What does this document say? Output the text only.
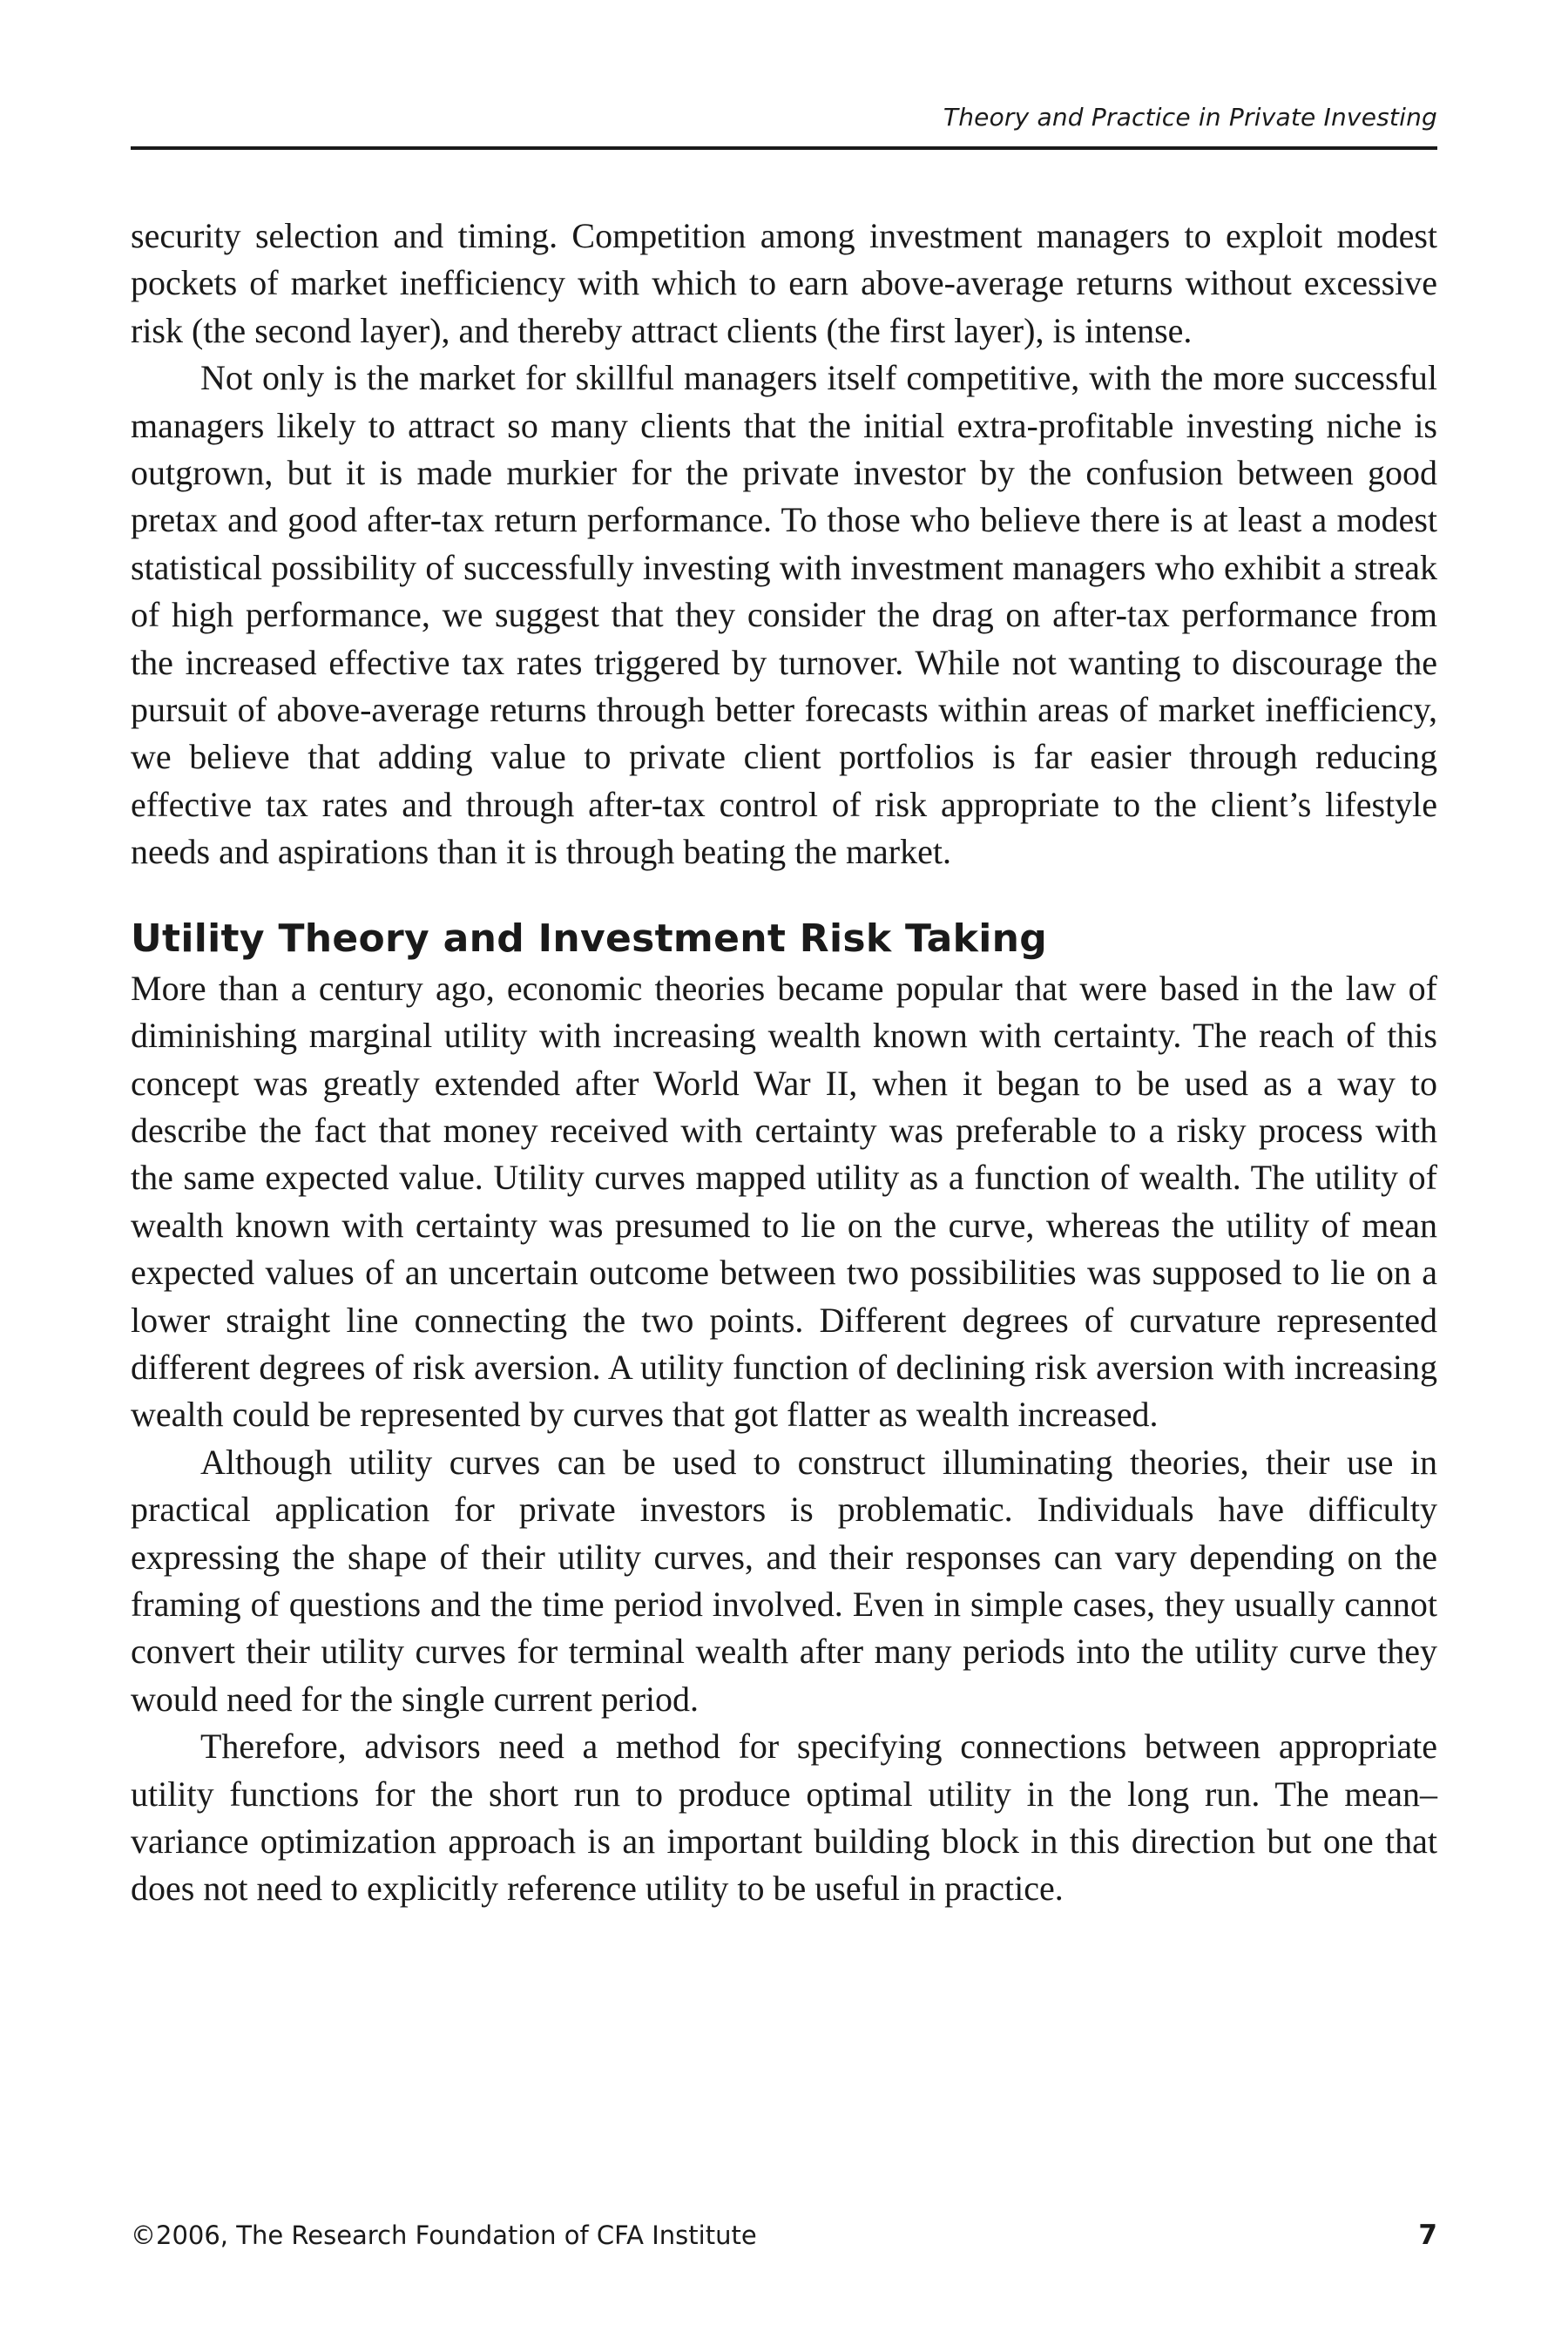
Theory and Practice in Private Investing

security selection and timing. Competition among investment managers to exploit modest pockets of market inefficiency with which to earn above-average returns without excessive risk (the second layer), and thereby attract clients (the first layer), is intense.

Not only is the market for skillful managers itself competitive, with the more successful managers likely to attract so many clients that the initial extra-profitable investing niche is outgrown, but it is made murkier for the private investor by the confusion between good pretax and good after-tax return performance. To those who believe there is at least a modest statistical possibility of successfully investing with investment managers who exhibit a streak of high performance, we suggest that they consider the drag on after-tax performance from the increased effective tax rates triggered by turnover. While not wanting to discourage the pursuit of above-average returns through better forecasts within areas of market inefficiency, we believe that adding value to private client portfolios is far easier through reducing effective tax rates and through after-tax control of risk appropriate to the client’s lifestyle needs and aspirations than it is through beating the market.

Utility Theory and Investment Risk Taking

More than a century ago, economic theories became popular that were based in the law of diminishing marginal utility with increasing wealth known with certainty. The reach of this concept was greatly extended after World War II, when it began to be used as a way to describe the fact that money received with certainty was preferable to a risky process with the same expected value. Utility curves mapped utility as a function of wealth. The utility of wealth known with certainty was presumed to lie on the curve, whereas the utility of mean expected values of an uncertain outcome between two possibilities was supposed to lie on a lower straight line connecting the two points. Different degrees of curvature represented different degrees of risk aversion. A utility function of declining risk aversion with increasing wealth could be represented by curves that got flatter as wealth increased.

Although utility curves can be used to construct illuminating theories, their use in practical application for private investors is problematic. Individuals have difficulty expressing the shape of their utility curves, and their responses can vary depending on the framing of questions and the time period involved. Even in simple cases, they usually cannot convert their utility curves for terminal wealth after many periods into the utility curve they would need for the single current period.

Therefore, advisors need a method for specifying connections between appropriate utility functions for the short run to produce optimal utility in the long run. The mean–variance optimization approach is an important building block in this direction but one that does not need to explicitly reference utility to be useful in practice.

©2006, The Research Foundation of CFA Institute	7
